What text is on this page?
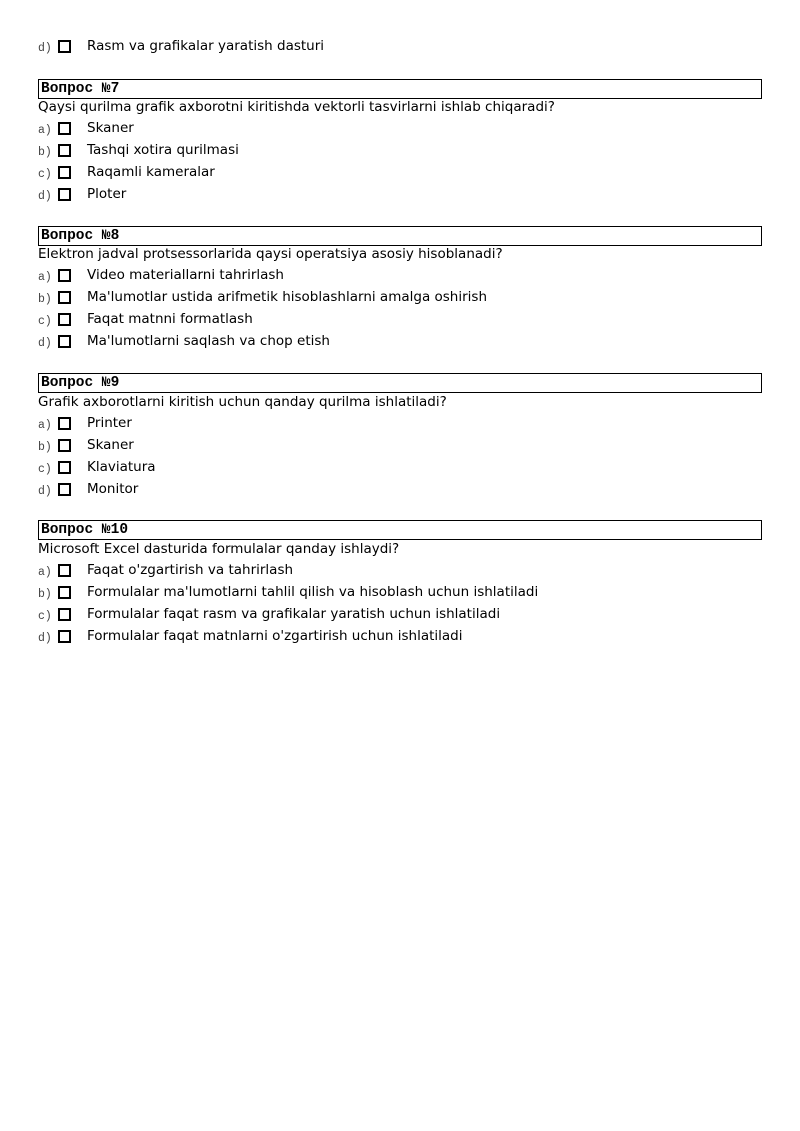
d)	Rasm va grafikalar yaratish dasturi
Вопрос №7
Qaysi qurilma grafik axborotni kiritishda vektorli tasvirlarni ishlab chiqaradi?
a)	Skaner
b)	Tashqi xotira qurilmasi
c)	Raqamli kameralar
d)	Ploter
Вопрос №8
Elektron jadval protsessorlarida qaysi operatsiya asosiy hisoblanadi?
a)	Video materiallarni tahrirlash
b)	Ma'lumotlar ustida arifmetik hisoblashlarni amalga oshirish
c)	Faqat matnni formatlash
d)	Ma'lumotlarni saqlash va chop etish
Вопрос №9
Grafik axborotlarni kiritish uchun qanday qurilma ishlatiladi?
a)	Printer
b)	Skaner
c)	Klaviatura
d)	Monitor
Вопрос №10
Microsoft Excel dasturida formulalar qanday ishlaydi?
a)	Faqat o'zgartirish va tahrirlash
b)	Formulalar ma'lumotlarni tahlil qilish va hisoblash uchun ishlatiladi
c)	Formulalar faqat rasm va grafikalar yaratish uchun ishlatiladi
d)	Formulalar faqat matnlarni o'zgartirish uchun ishlatiladi
